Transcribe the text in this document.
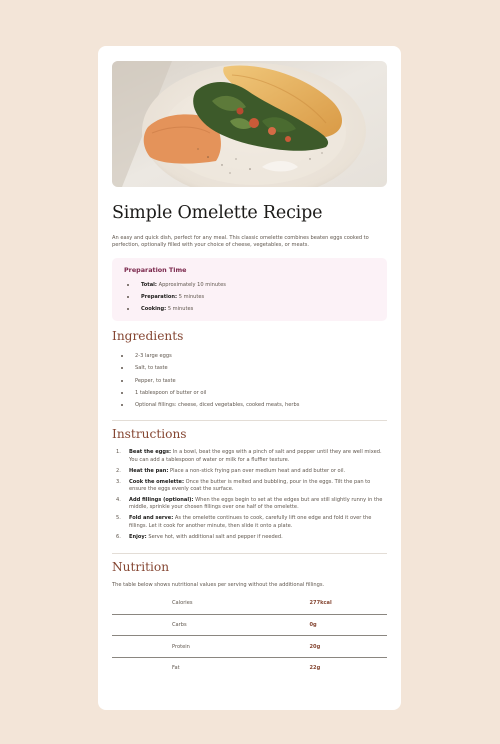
Simple Omelette Recipe

An easy and quick dish, perfect for any meal. This classic omelette combines beaten eggs cooked to perfection, optionally filled with your choice of cheese, vegetables, or meats.

Preparation Time
Total: Approximately 10 minutes
Preparation: 5 minutes
Cooking: 5 minutes
Ingredients
2-3 large eggs
Salt, to taste
Pepper, to taste
1 tablespoon of butter or oil
Optional fillings: cheese, diced vegetables, cooked meats, herbs
Instructions
1. Beat the eggs: In a bowl, beat the eggs with a pinch of salt and pepper until they are well mixed. You can add a tablespoon of water or milk for a fluffier texture.
2. Heat the pan: Place a non-stick frying pan over medium heat and add butter or oil.
3. Cook the omelette: Once the butter is melted and bubbling, pour in the eggs. Tilt the pan to ensure the eggs evenly coat the surface.
4. Add fillings (optional): When the eggs begin to set at the edges but are still slightly runny in the middle, sprinkle your chosen fillings over one half of the omelette.
5. Fold and serve: As the omelette continues to cook, carefully lift one edge and fold it over the fillings. Let it cook for another minute, then slide it onto a plate.
6. Enjoy: Serve hot, with additional salt and pepper if needed.
Nutrition

The table below shows nutritional values per serving without the additional fillings.

Calories	277kcal
Carbs	0g
Protein	20g
Fat	22g
